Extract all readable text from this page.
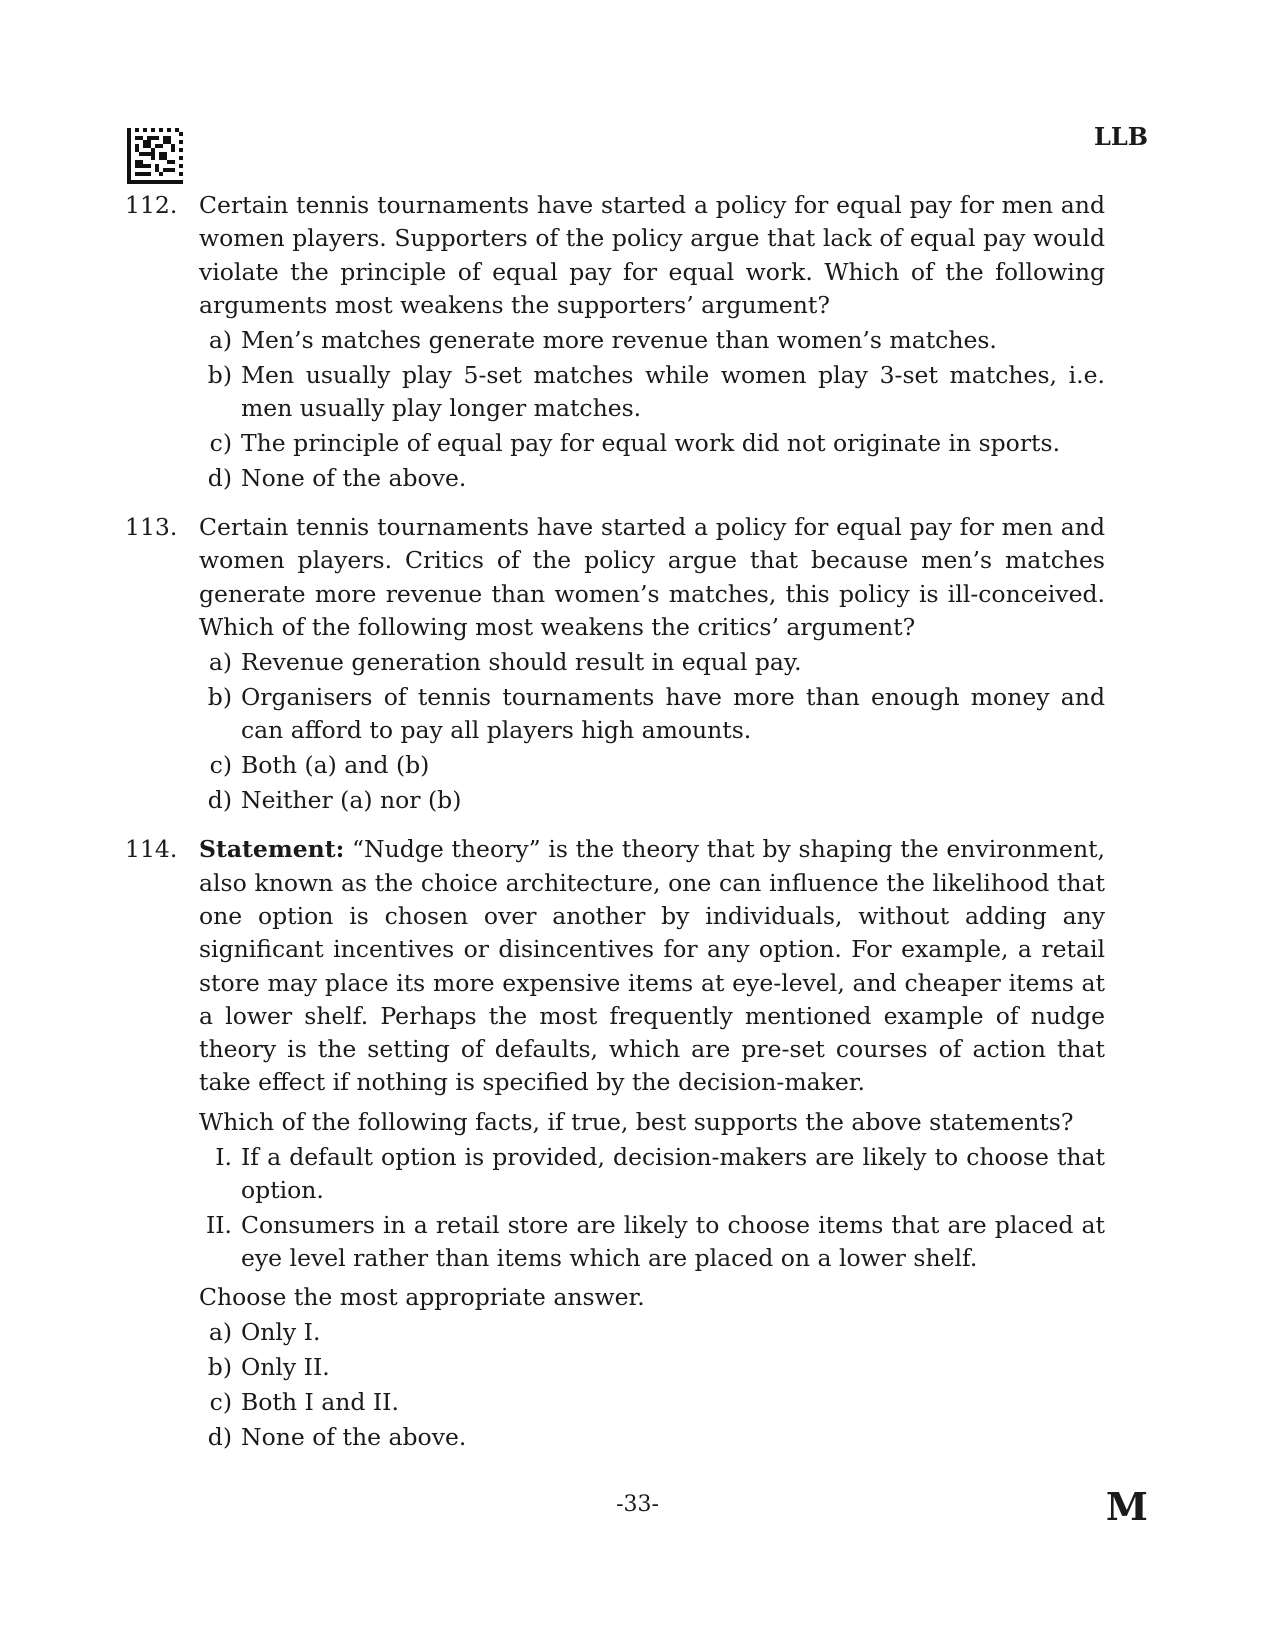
LLB
112. Certain tennis tournaments have started a policy for equal pay for men and women players. Supporters of the policy argue that lack of equal pay would violate the principle of equal pay for equal work. Which of the following arguments most weakens the supporters’ argument?
a) Men’s matches generate more revenue than women’s matches.
b) Men usually play 5-set matches while women play 3-set matches, i.e. men usually play longer matches.
c) The principle of equal pay for equal work did not originate in sports.
d) None of the above.
113. Certain tennis tournaments have started a policy for equal pay for men and women players. Critics of the policy argue that because men’s matches generate more revenue than women’s matches, this policy is ill-conceived. Which of the following most weakens the critics’ argument?
a) Revenue generation should result in equal pay.
b) Organisers of tennis tournaments have more than enough money and can afford to pay all players high amounts.
c) Both (a) and (b)
d) Neither (a) nor (b)
114. Statement: “Nudge theory” is the theory that by shaping the environment, also known as the choice architecture, one can influence the likelihood that one option is chosen over another by individuals, without adding any significant incentives or disincentives for any option. For example, a retail store may place its more expensive items at eye-level, and cheaper items at a lower shelf. Perhaps the most frequently mentioned example of nudge theory is the setting of defaults, which are pre-set courses of action that take effect if nothing is specified by the decision-maker.
Which of the following facts, if true, best supports the above statements?
I. If a default option is provided, decision-makers are likely to choose that option.
II. Consumers in a retail store are likely to choose items that are placed at eye level rather than items which are placed on a lower shelf.
Choose the most appropriate answer.
a) Only I.
b) Only II.
c) Both I and II.
d) None of the above.
-33-	M
